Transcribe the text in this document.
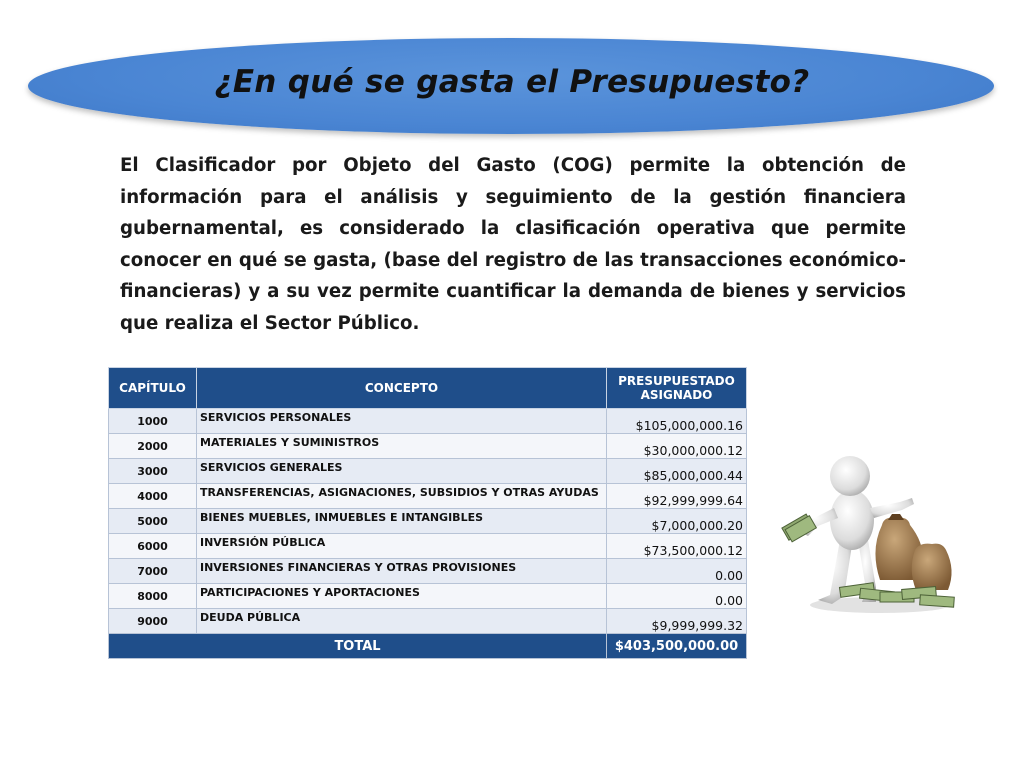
¿En qué se gasta el Presupuesto?

El Clasificador por Objeto del Gasto (COG) permite la obtención de información para el análisis y seguimiento de la gestión financiera gubernamental, es considerado la clasificación operativa que permite conocer en qué se gasta, (base del registro de las transacciones económico-financieras) y a su vez permite cuantificar la demanda de bienes y servicios que realiza el Sector Público.

CAPÍTULO	CONCEPTO	PRESUPUESTADO
ASIGNADO
1000	SERVICIOS PERSONALES	$105,000,000.16
2000	MATERIALES Y SUMINISTROS	$30,000,000.12
3000	SERVICIOS GENERALES	$85,000,000.44
4000	TRANSFERENCIAS, ASIGNACIONES, SUBSIDIOS Y OTRAS AYUDAS	$92,999,999.64
5000	BIENES MUEBLES, INMUEBLES E INTANGIBLES	$7,000,000.20
6000	INVERSIÓN PÚBLICA	$73,500,000.12
7000	INVERSIONES FINANCIERAS Y OTRAS PROVISIONES	0.00
8000	PARTICIPACIONES Y APORTACIONES	0.00
9000	DEUDA PÚBLICA	$9,999,999.32
TOTAL		$403,500,000.00
